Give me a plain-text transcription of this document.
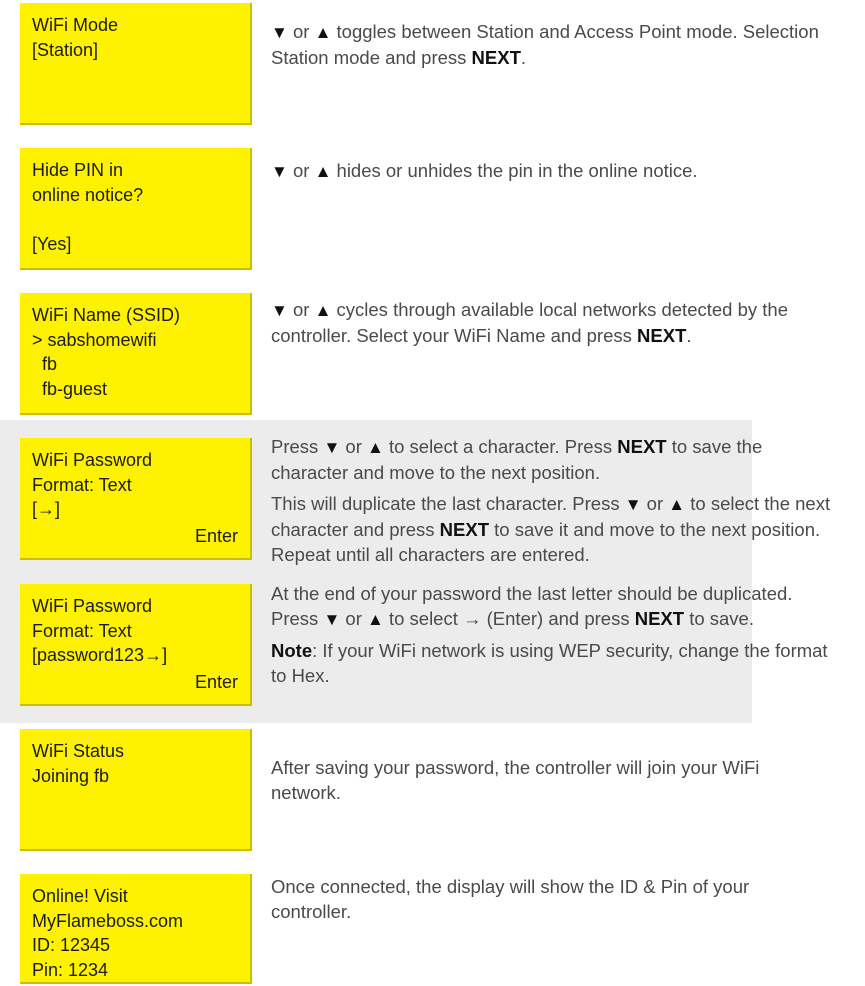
WiFi Mode
[Station]

▼ or ▲ toggles between Station and Access Point mode. Selection Station mode and press NEXT.

Hide PIN in
online notice?

[Yes]

▼ or ▲ hides or unhides the pin in the online notice.

WiFi Name (SSID)
> sabshomewifi
fb
fb-guest

▼ or ▲ cycles through available local networks detected by the controller. Select your WiFi Name and press NEXT.

WiFi Password
Format: Text
[→]
Enter

Press ▼ or ▲ to select a character. Press NEXT to save the character and move to the next position.

This will duplicate the last character. Press ▼ or ▲ to select the next character and press NEXT to save it and move to the next position. Repeat until all characters are entered.

WiFi Password
Format: Text
[password123→]
Enter

At the end of your password the last letter should be duplicated. Press ▼ or ▲ to select → (Enter) and press NEXT to save.

Note: If your WiFi network is using WEP security, change the format to Hex.

WiFi Status
Joining fb	After saving your password, the controller will join your WiFi network.

Online! Visit
MyFlameboss.com
ID: 12345
Pin: 1234

Once connected, the display will show the ID & Pin of your controller.
